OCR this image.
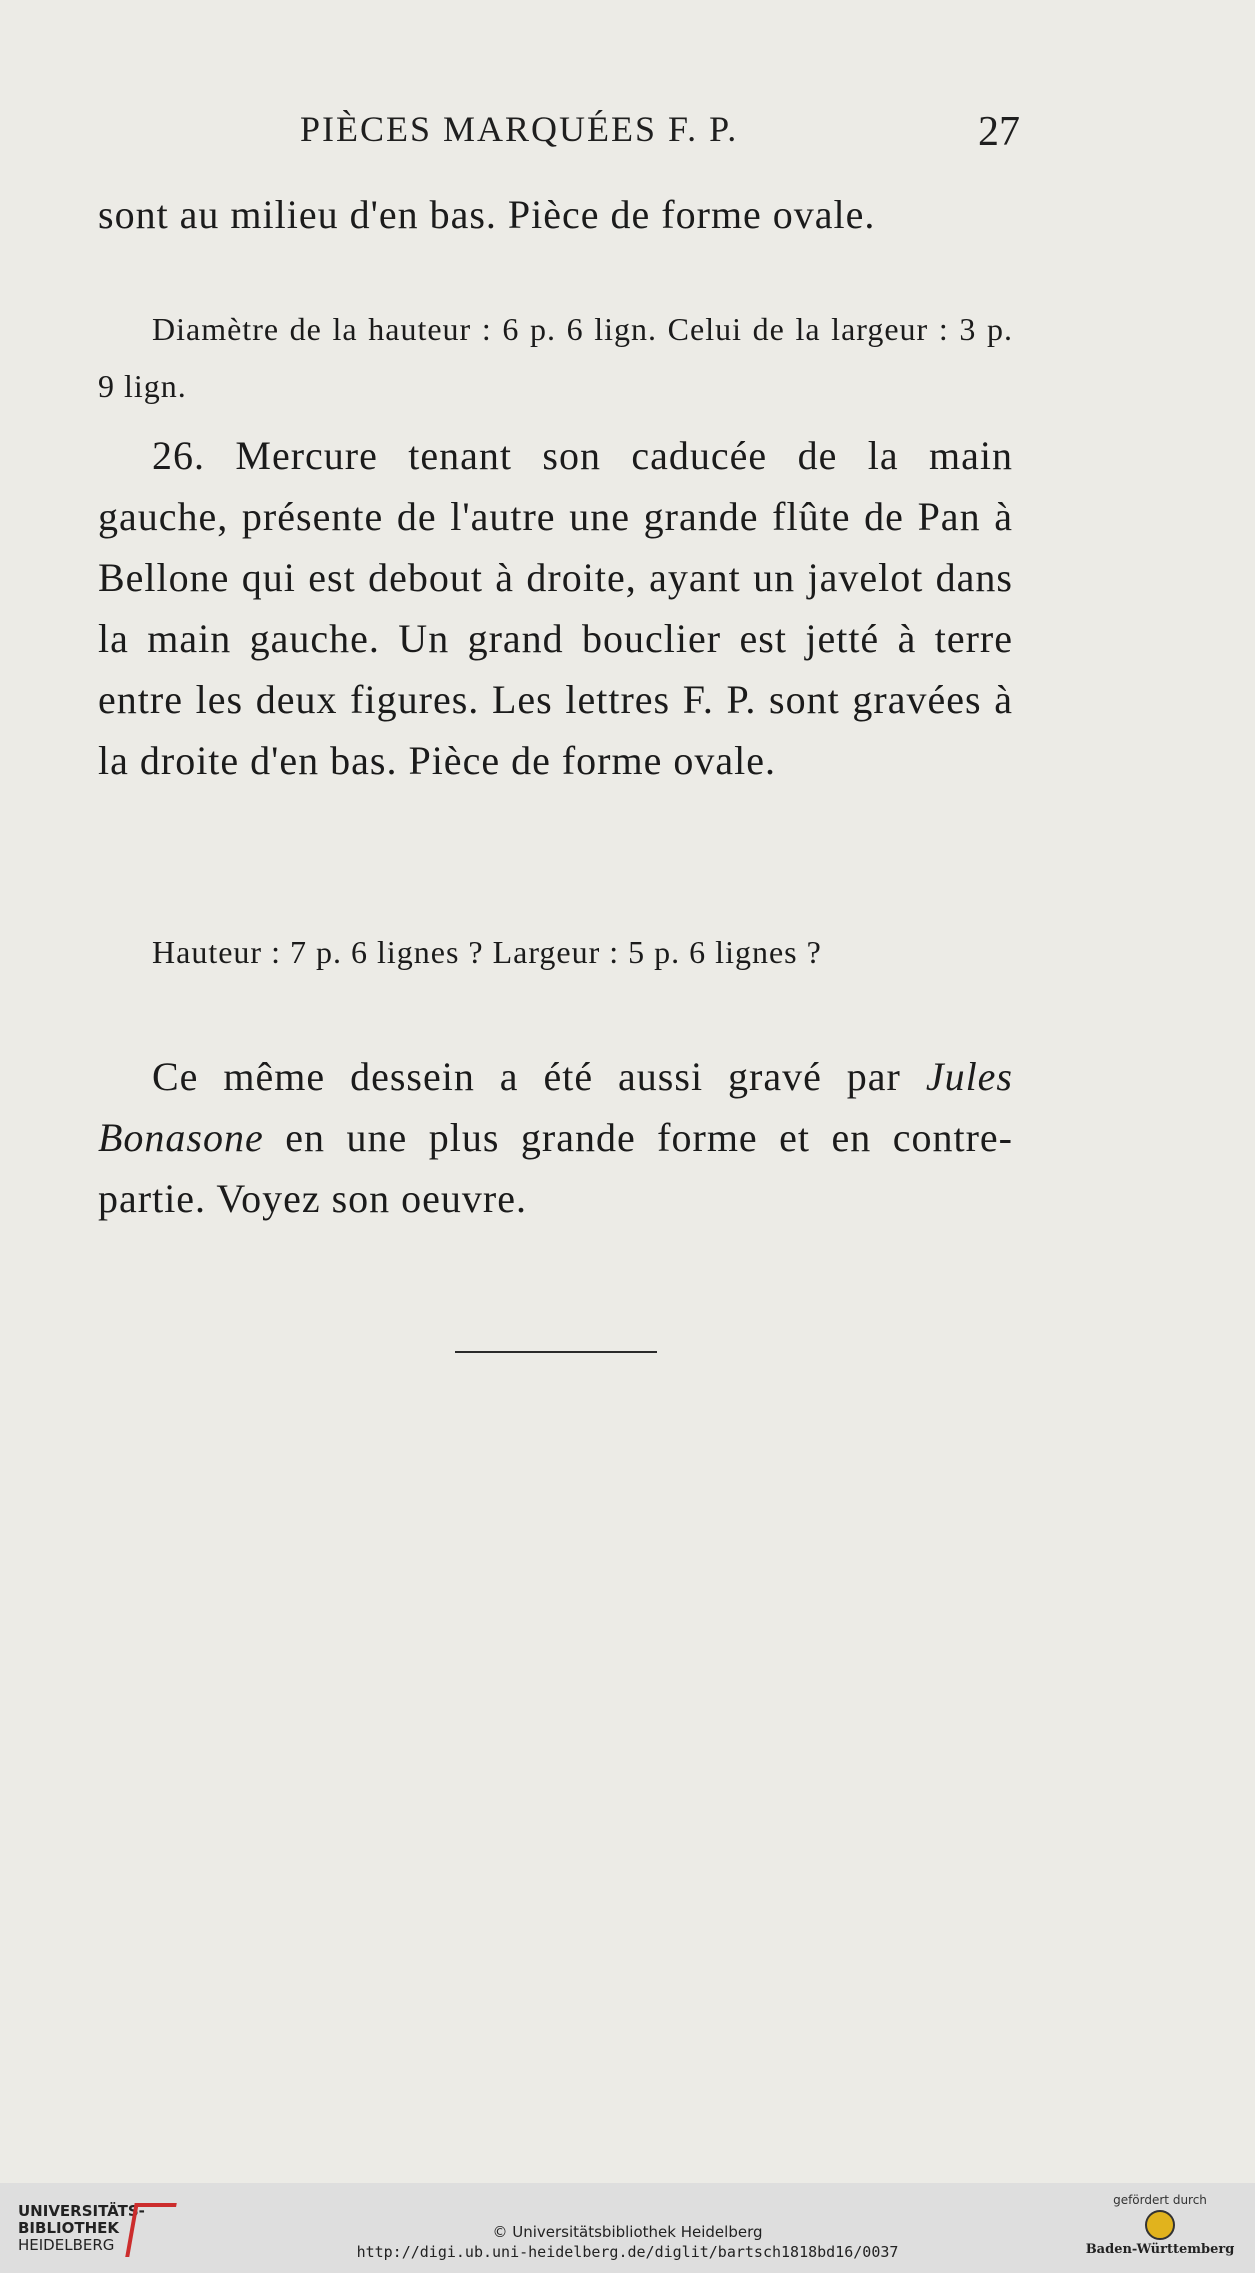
PIÈCES MARQUÉES F. P.	27
sont au milieu d'en bas. Pièce de forme ovale.
Diamètre de la hauteur : 6 p. 6 lign. Celui de la largeur : 3 p. 9 lign.
26. Mercure tenant son caducée de la main gauche, présente de l'autre une grande flûte de Pan à Bellone qui est debout à droite, ayant un javelot dans la main gauche. Un grand bouclier est jetté à terre entre les deux figures. Les lettres F. P. sont gravées à la droite d'en bas. Pièce de forme ovale.
Hauteur : 7 p. 6 lignes ? Largeur : 5 p. 6 lignes ?
Ce même dessein a été aussi gravé par Jules Bonasone en une plus grande forme et en contre-partie. Voyez son oeuvre.
UNIVERSITÄTS-
BIBLIOTHEK
HEIDELBERG
© Universitätsbibliothek Heidelberg
http://digi.ub.uni-heidelberg.de/diglit/bartsch1818bd16/0037
gefördert durch
Baden-Württemberg
